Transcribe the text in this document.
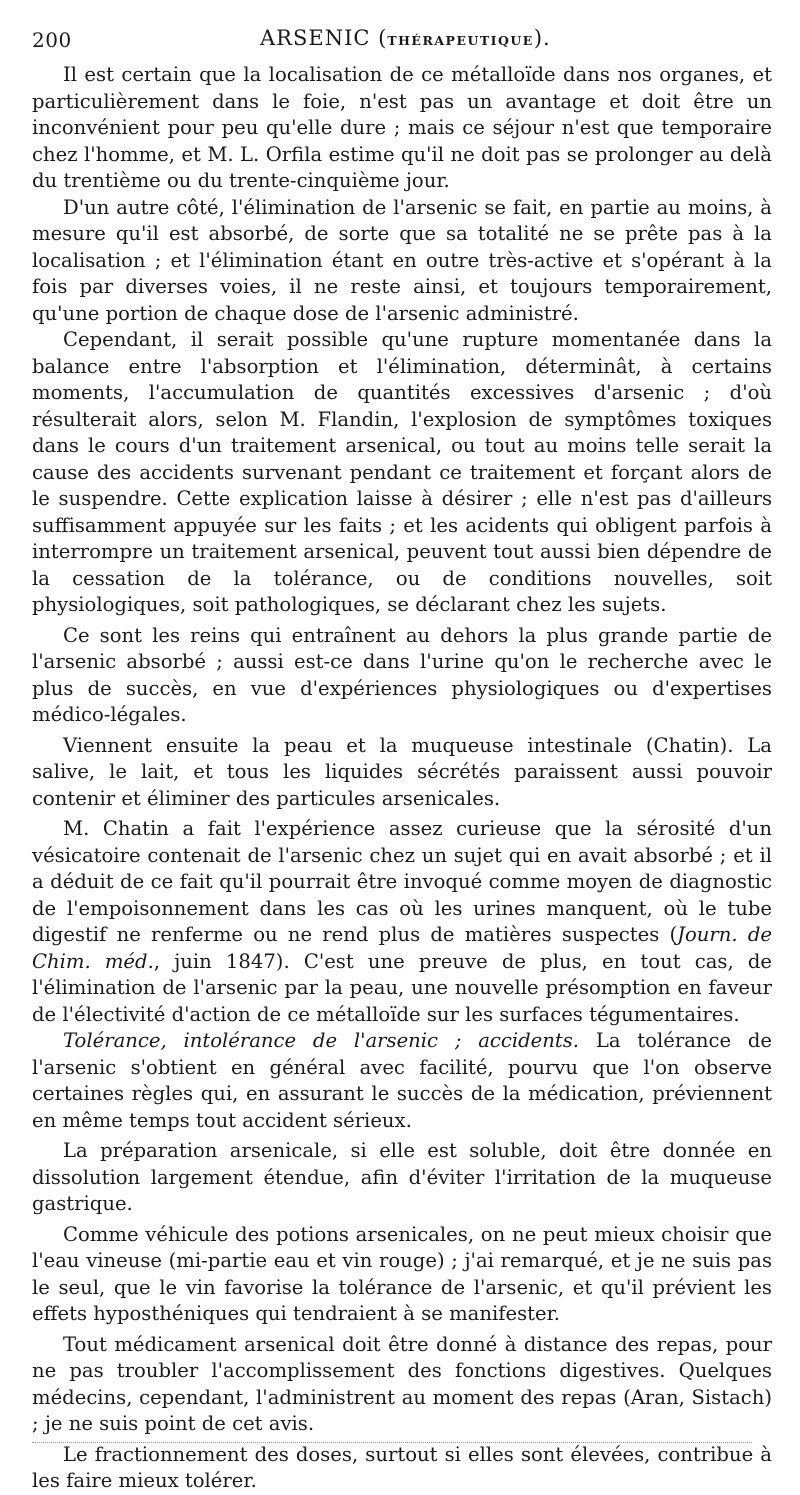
200	ARSENIC (THÉRAPEUTIQUE).

Il est certain que la localisation de ce métalloïde dans nos organes, et particulièrement dans le foie, n'est pas un avantage et doit être un inconvénient pour peu qu'elle dure ; mais ce séjour n'est que temporaire chez l'homme, et M. L. Orfila estime qu'il ne doit pas se prolonger au delà du trentième ou du trente-cinquième jour.

D'un autre côté, l'élimination de l'arsenic se fait, en partie au moins, à mesure qu'il est absorbé, de sorte que sa totalité ne se prête pas à la localisation ; et l'élimination étant en outre très-active et s'opérant à la fois par diverses voies, il ne reste ainsi, et toujours temporairement, qu'une portion de chaque dose de l'arsenic administré.

Cependant, il serait possible qu'une rupture momentanée dans la balance entre l'absorption et l'élimination, déterminât, à certains moments, l'accumulation de quantités excessives d'arsenic ; d'où résulterait alors, selon M. Flandin, l'explosion de symptômes toxiques dans le cours d'un traitement arsenical, ou tout au moins telle serait la cause des accidents survenant pendant ce traitement et forçant alors de le suspendre. Cette explication laisse à désirer ; elle n'est pas d'ailleurs suffisamment appuyée sur les faits ; et les acidents qui obligent parfois à interrompre un traitement arsenical, peuvent tout aussi bien dépendre de la cessation de la tolérance, ou de conditions nouvelles, soit physiologiques, soit pathologiques, se déclarant chez les sujets.

Ce sont les reins qui entraînent au dehors la plus grande partie de l'arsenic absorbé ; aussi est-ce dans l'urine qu'on le recherche avec le plus de succès, en vue d'expériences physiologiques ou d'expertises médico-légales.

Viennent ensuite la peau et la muqueuse intestinale (Chatin). La salive, le lait, et tous les liquides sécrétés paraissent aussi pouvoir contenir et éliminer des particules arsenicales.

M. Chatin a fait l'expérience assez curieuse que la sérosité d'un vésicatoire contenait de l'arsenic chez un sujet qui en avait absorbé ; et il a déduit de ce fait qu'il pourrait être invoqué comme moyen de diagnostic de l'empoisonnement dans les cas où les urines manquent, où le tube digestif ne renferme ou ne rend plus de matières suspectes (Journ. de Chim. méd., juin 1847). C'est une preuve de plus, en tout cas, de l'élimination de l'arsenic par la peau, une nouvelle présomption en faveur de l'électivité d'action de ce métalloïde sur les surfaces tégumentaires.

Tolérance, intolérance de l'arsenic ; accidents. La tolérance de l'arsenic s'obtient en général avec facilité, pourvu que l'on observe certaines règles qui, en assurant le succès de la médication, préviennent en même temps tout accident sérieux.

La préparation arsenicale, si elle est soluble, doit être donnée en dissolution largement étendue, afin d'éviter l'irritation de la muqueuse gastrique.

Comme véhicule des potions arsenicales, on ne peut mieux choisir que l'eau vineuse (mi-partie eau et vin rouge) ; j'ai remarqué, et je ne suis pas le seul, que le vin favorise la tolérance de l'arsenic, et qu'il prévient les effets hyposthéniques qui tendraient à se manifester.

Tout médicament arsenical doit être donné à distance des repas, pour ne pas troubler l'accomplissement des fonctions digestives. Quelques médecins, cependant, l'administrent au moment des repas (Aran, Sistach) ; je ne suis point de cet avis.

Le fractionnement des doses, surtout si elles sont élevées, contribue à les faire mieux tolérer.
